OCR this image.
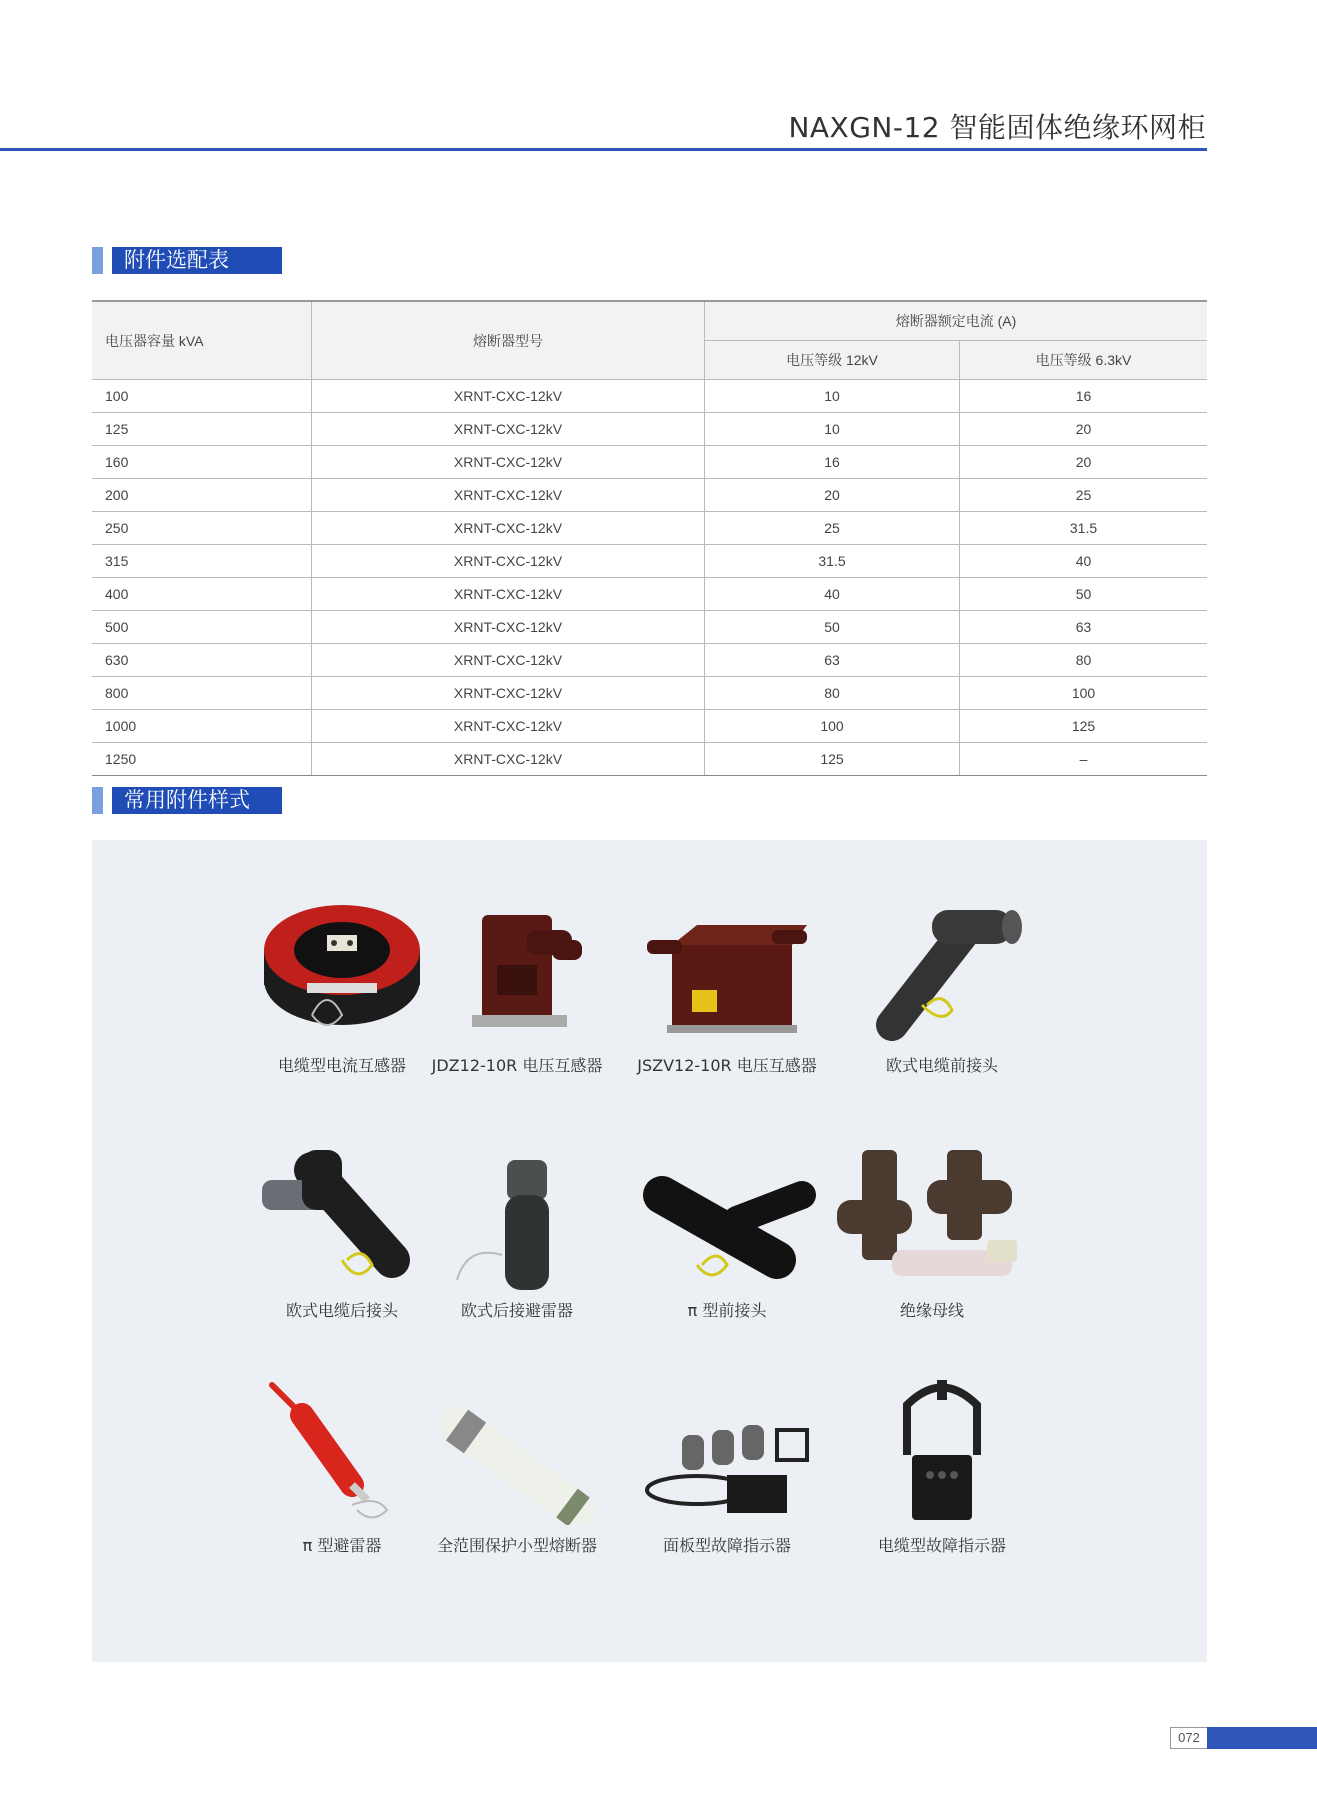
NAXGN-12 智能固体绝缘环网柜
附件选配表
电压器容量 kVA	熔断器型号	熔断器额定电流 (A)	
		电压等级 12kV	电压等级 6.3kV
100	XRNT-CXC-12kV	10	16
125	XRNT-CXC-12kV	10	20
160	XRNT-CXC-12kV	16	20
200	XRNT-CXC-12kV	20	25
250	XRNT-CXC-12kV	25	31.5
315	XRNT-CXC-12kV	31.5	40
400	XRNT-CXC-12kV	40	50
500	XRNT-CXC-12kV	50	63
630	XRNT-CXC-12kV	63	80
800	XRNT-CXC-12kV	80	100
1000	XRNT-CXC-12kV	100	125
1250	XRNT-CXC-12kV	125	–
常用附件样式
电缆型电流互感器	JDZ12-10R 电压互感器 JSZV12-10R 电压互感器	欧式电缆前接头
欧式电缆后接头	欧式后接避雷器	π 型前接头	绝缘母线
π 型避雷器	全范围保护小型熔断器	面板型故障指示器	电缆型故障指示器
072
